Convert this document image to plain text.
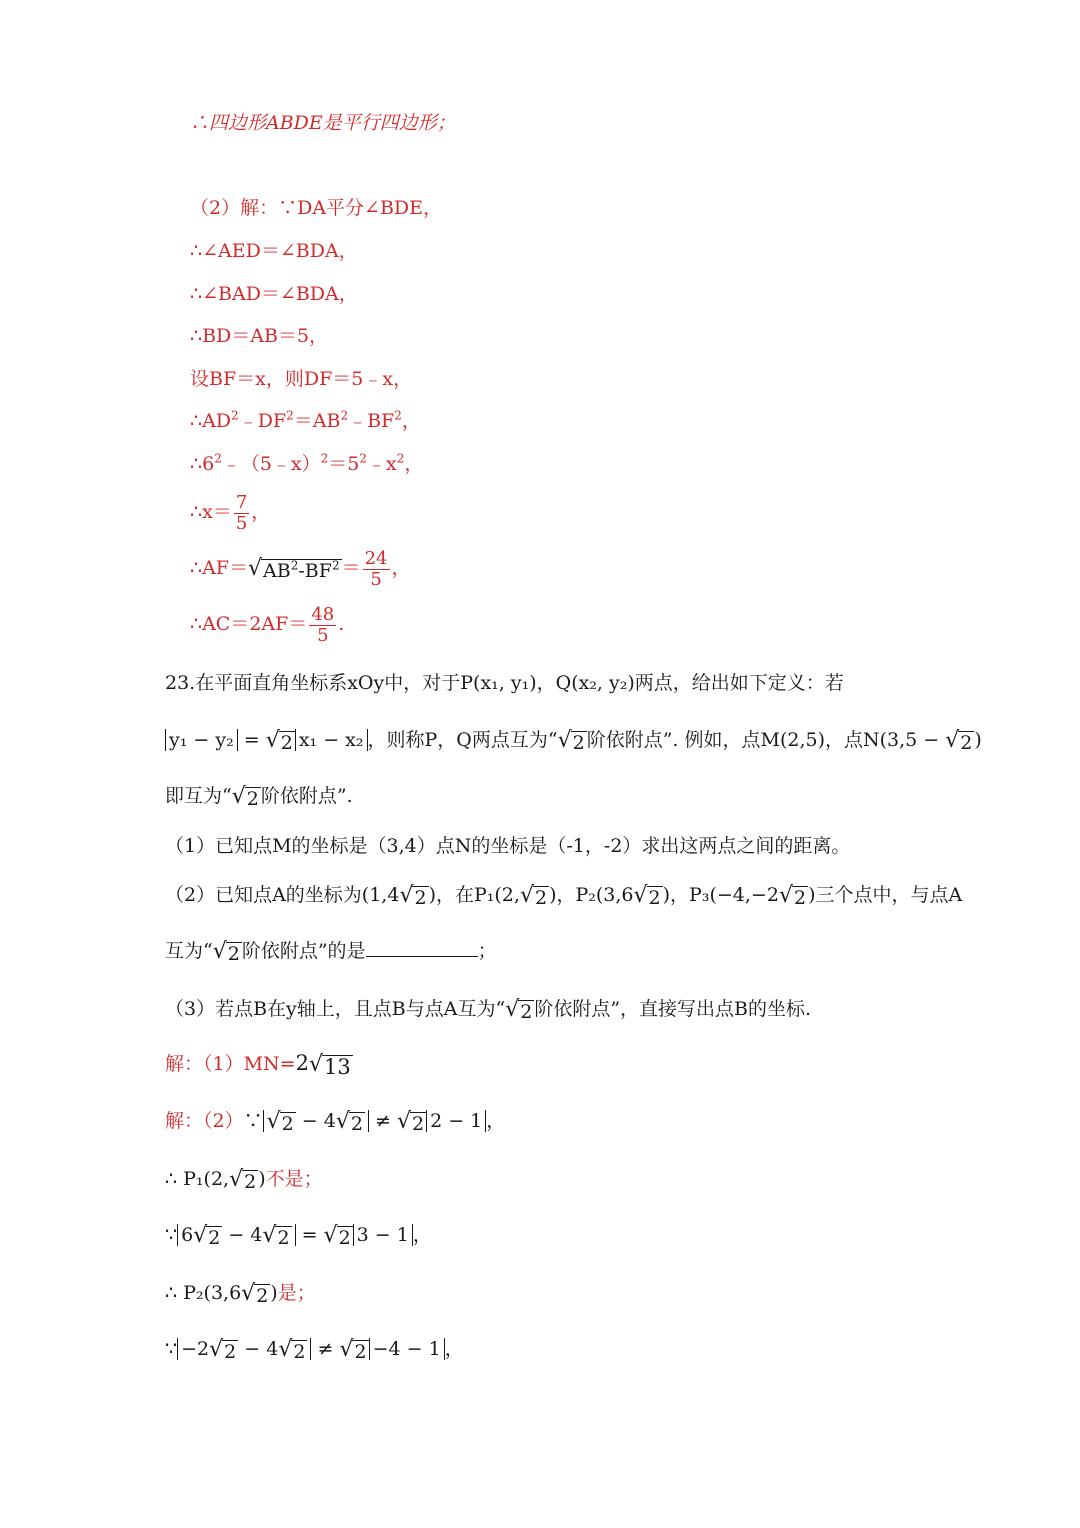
∴四边形ABDE是平行四边形；
（2）解：∵DA平分∠BDE，
∴∠AED＝∠BDA，
∴∠BAD＝∠BDA，
∴BD＝AB＝5，
设BF＝x，则DF＝5﹣x，
$\therefore AD^2﹣DF^2=AB^2﹣BF^2$，
$\therefore 6^2﹣(5﹣x)^2=5^2﹣x^2$，
∴x＝ $\frac{7}{5}$ ，
∴AF＝ √ $AB^2-BF^2 = \frac{24}{5}$ ，
∴AC＝2AF＝ $\frac{48}{5}$ .
23.在平面直角坐标系xOy中，对于P(x₁, y₁)，Q(x₂, y₂)两点，给出如下定义：若
y₁ − y₂ = √ 2 x₁ − x₂ ，则称P，Q两点互为“ √ 2 阶依附点”. 例如，点M(2,5)，点N(3,5 − √ 2 )
即互为“ √ 2 阶依附点”.
（1）已知点M的坐标是（3,4）点N的坐标是（-1，-2）求出这两点之间的距离。
（2）已知点A的坐标为(1,4 √ 2 )，在P₁(2, √ 2 )，P₂(3,6 √ 2 )，P₃(−4,−2 √ 2 )三个点中，与点A
互为“ √ 2 阶依附点”的是	；
（3）若点B在y轴上，且点B与点A互为“ √ 2 阶依附点”，直接写出点B的坐标.
解：（1）MN=2 √ 13
解：（2）∵ √ 2 − 4 √ 2 ≠ √ 2 2 − 1 ，
∴ P₁(2, √ 2 )不是；
∵ 6 √ 2 − 4 √ 2 = √ 2 3 − 1 ，
∴ P₂(3,6 √ 2 )是；
∵ −2 √ 2 − 4 √ 2 ≠ √ 2 −4 − 1 ，
